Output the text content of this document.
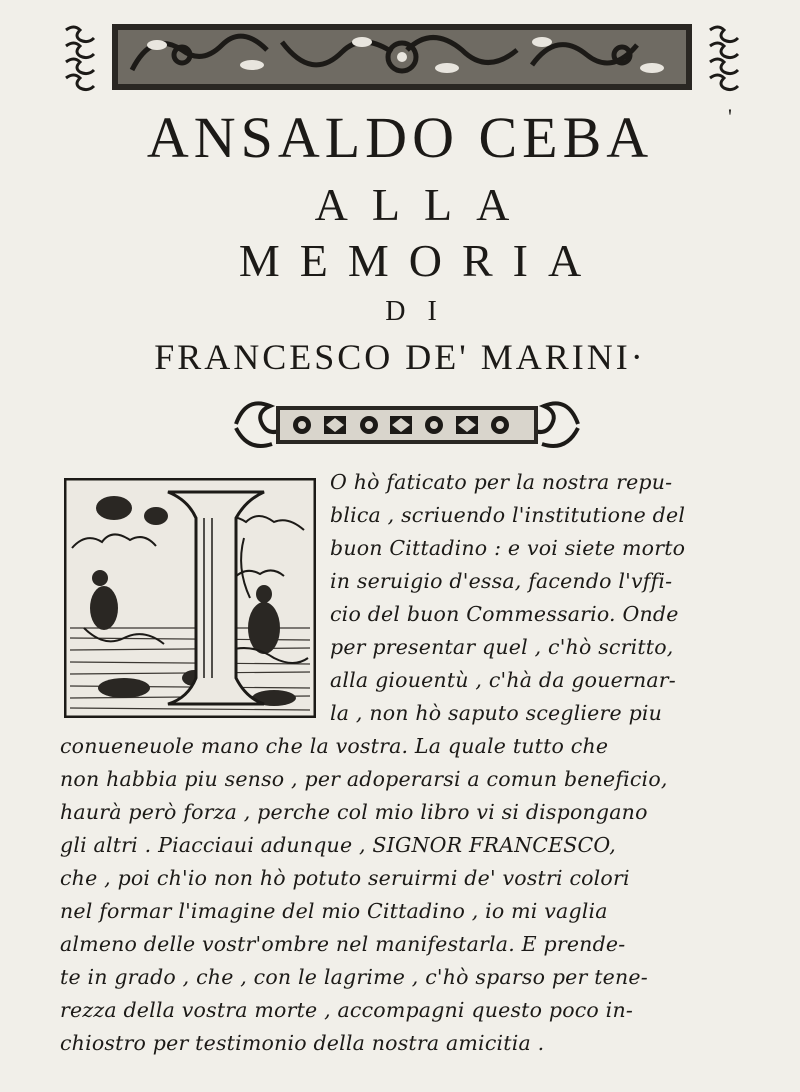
ANSALDO CEBA	'
ALLA
MEMORIA
DI
FRANCESCO DE' MARINI·
O hò faticato per la nostra repu-
blica , scriuendo l'institutione del
buon Cittadino : e voi siete morto
in seruigio d'essa, facendo l'vffi-
cio del buon Commessario. Onde
per presentar quel , c'hò scritto,
alla giouentù , c'hà da gouernar-
la , non hò saputo scegliere piu
conueneuole mano che la vostra. La quale tutto che
non habbia piu senso , per adoperarsi a comun beneficio,
haurà però forza , perche col mio libro vi si dispongano
gli altri . Piacciaui adunque , SIGNOR FRANCESCO,
che , poi ch'io non hò potuto seruirmi de' vostri colori
nel formar l'imagine del mio Cittadino , io mi vaglia
almeno delle vostr'ombre nel manifestarla. E prende-
te in grado , che , con le lagrime , c'hò sparso per tene-
rezza della vostra morte , accompagni questo poco in-
chiostro per testimonio della nostra amicitia .
